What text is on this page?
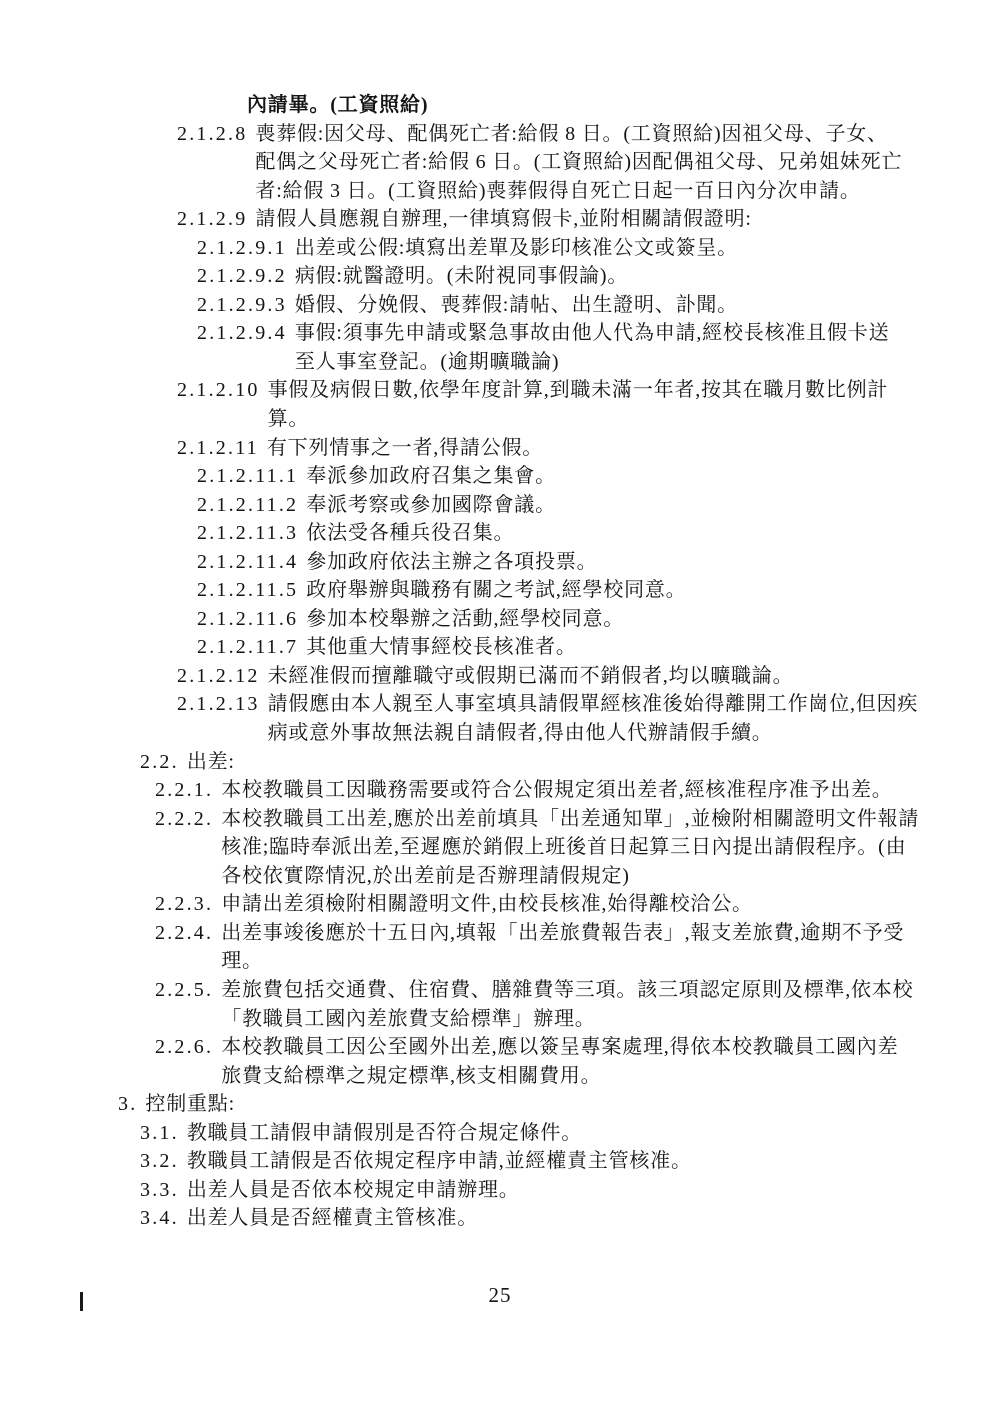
內請畢。(工資照給)
2.1.2.8 喪葬假:因父母、配偶死亡者:給假 8 日。(工資照給)因祖父母、子女、
配偶之父母死亡者:給假 6 日。(工資照給)因配偶祖父母、兄弟姐妹死亡
者:給假 3 日。(工資照給)喪葬假得自死亡日起一百日內分次申請。
2.1.2.9 請假人員應親自辦理,一律填寫假卡,並附相關請假證明:
2.1.2.9.1 出差或公假:填寫出差單及影印核准公文或簽呈。
2.1.2.9.2 病假:就醫證明。(未附視同事假論)。
2.1.2.9.3 婚假、分娩假、喪葬假:請帖、出生證明、訃聞。
2.1.2.9.4 事假:須事先申請或緊急事故由他人代為申請,經校長核准且假卡送
至人事室登記。(逾期曠職論)
2.1.2.10 事假及病假日數,依學年度計算,到職未滿一年者,按其在職月數比例計
算。
2.1.2.11 有下列情事之一者,得請公假。
2.1.2.11.1 奉派參加政府召集之集會。
2.1.2.11.2 奉派考察或參加國際會議。
2.1.2.11.3 依法受各種兵役召集。
2.1.2.11.4 參加政府依法主辦之各項投票。
2.1.2.11.5 政府舉辦與職務有關之考試,經學校同意。
2.1.2.11.6 參加本校舉辦之活動,經學校同意。
2.1.2.11.7 其他重大情事經校長核准者。
2.1.2.12 未經准假而擅離職守或假期已滿而不銷假者,均以曠職論。
2.1.2.13 請假應由本人親至人事室填具請假單經核准後始得離開工作崗位,但因疾
病或意外事故無法親自請假者,得由他人代辦請假手續。
2.2. 出差:
2.2.1. 本校教職員工因職務需要或符合公假規定須出差者,經核准程序准予出差。
2.2.2. 本校教職員工出差,應於出差前填具「出差通知單」,並檢附相關證明文件報請
核准;臨時奉派出差,至遲應於銷假上班後首日起算三日內提出請假程序。(由
各校依實際情況,於出差前是否辦理請假規定)
2.2.3. 申請出差須檢附相關證明文件,由校長核准,始得離校洽公。
2.2.4. 出差事竣後應於十五日內,填報「出差旅費報告表」,報支差旅費,逾期不予受
理。
2.2.5. 差旅費包括交通費、住宿費、膳雜費等三項。該三項認定原則及標準,依本校
「教職員工國內差旅費支給標準」辦理。
2.2.6. 本校教職員工因公至國外出差,應以簽呈專案處理,得依本校教職員工國內差
旅費支給標準之規定標準,核支相關費用。
3. 控制重點:
3.1. 教職員工請假申請假別是否符合規定條件。
3.2. 教職員工請假是否依規定程序申請,並經權責主管核准。
3.3. 出差人員是否依本校規定申請辦理。
3.4. 出差人員是否經權責主管核准。
25
